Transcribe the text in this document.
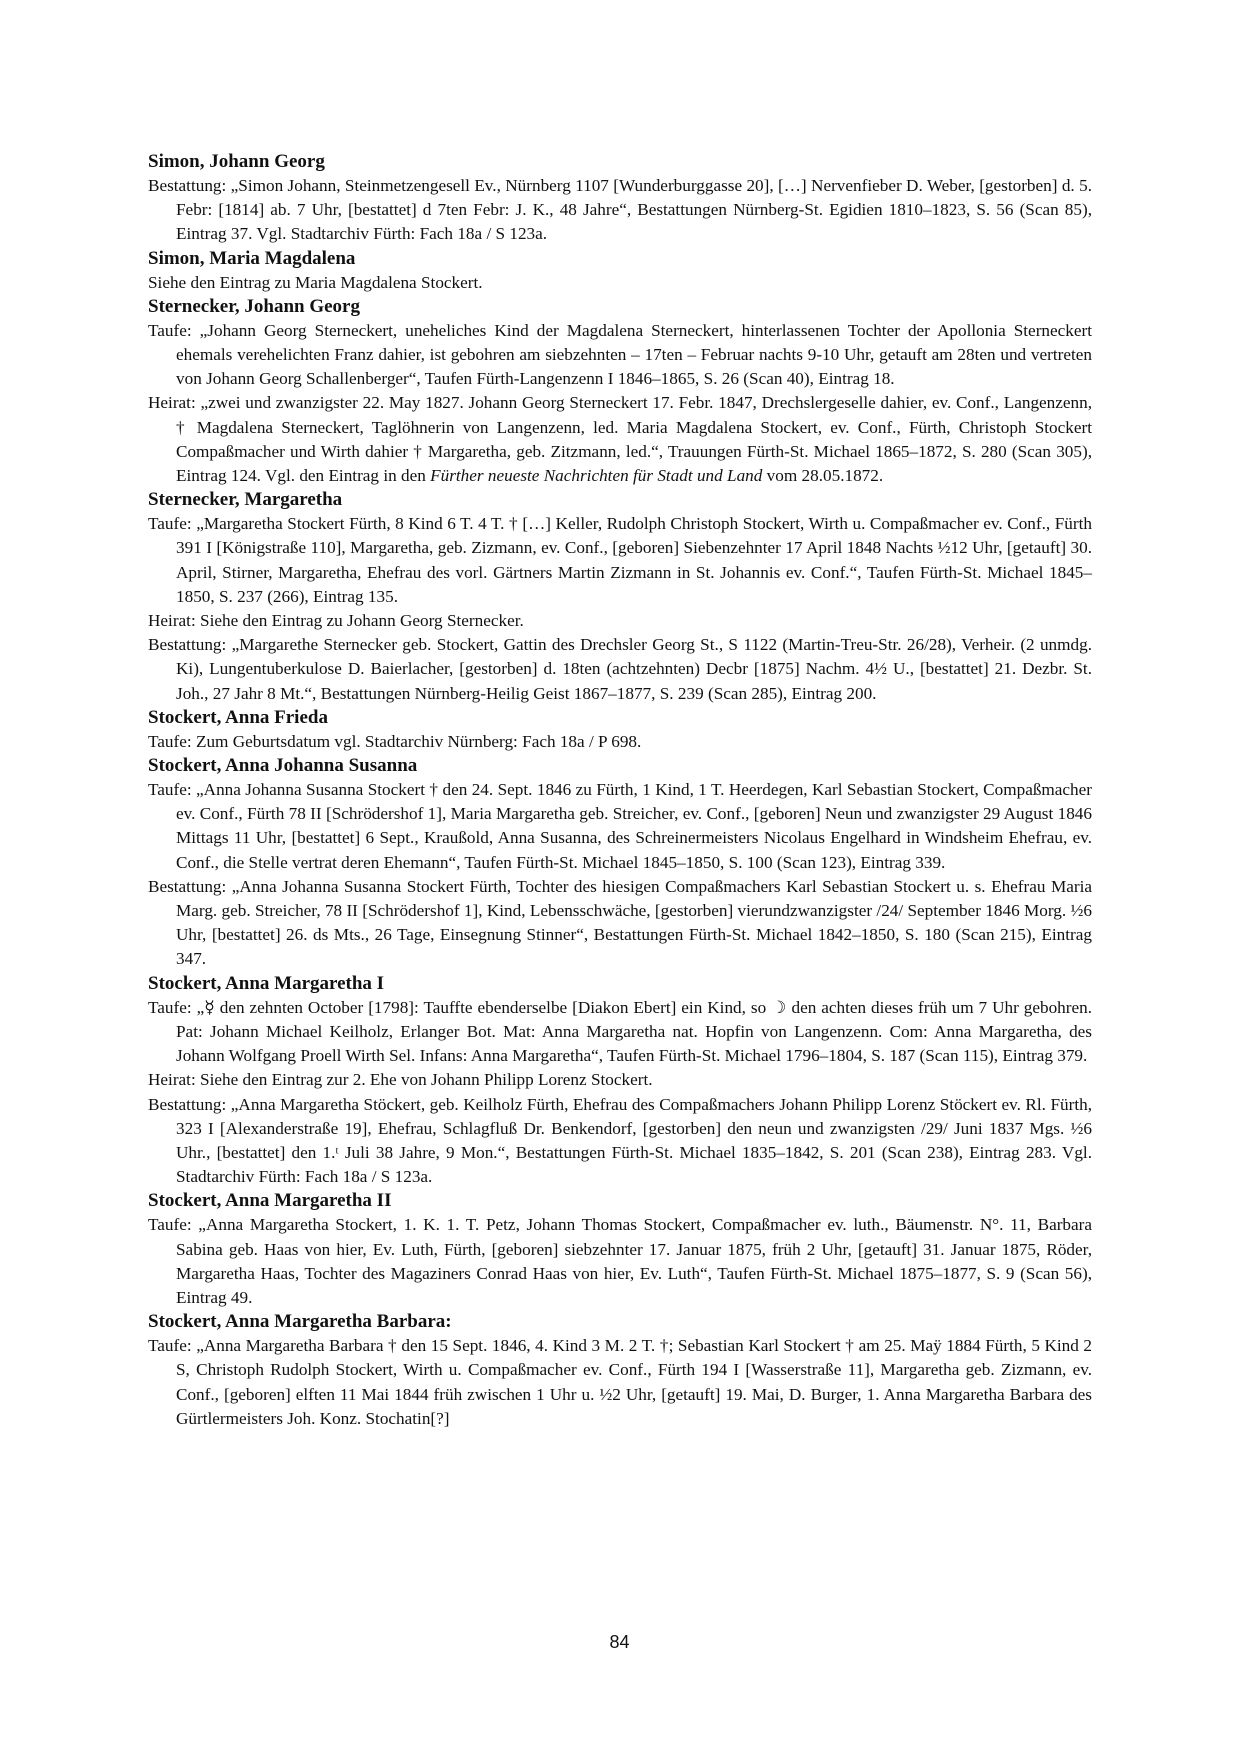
Simon, Johann Georg

Bestattung: „Simon Johann, Steinmetzengesell Ev., Nürnberg 1107 [Wunderburggasse 20], […] Nervenfieber D. Weber, [gestorben] d. 5. Febr: [1814] ab. 7 Uhr, [bestattet] d 7ten Febr: J. K., 48 Jahre“, Bestattungen Nürnberg-St. Egidien 1810–1823, S. 56 (Scan 85), Eintrag 37. Vgl. Stadtarchiv Fürth: Fach 18a / S 123a.

Simon, Maria Magdalena

Siehe den Eintrag zu Maria Magdalena Stockert.

Sternecker, Johann Georg

Taufe: „Johann Georg Sterneckert, uneheliches Kind der Magdalena Sterneckert, hinterlassenen Tochter der Apollonia Sterneckert ehemals verehelichten Franz dahier, ist gebohren am siebzehnten – 17ten – Februar nachts 9-10 Uhr, getauft am 28ten und vertreten von Johann Georg Schallenberger“, Taufen Fürth-Langenzenn I 1846–1865, S. 26 (Scan 40), Eintrag 18.

Heirat: „zwei und zwanzigster 22. May 1827. Johann Georg Sterneckert 17. Febr. 1847, Drechslergeselle dahier, ev. Conf., Langenzenn, † Magdalena Sterneckert, Taglöhnerin von Langenzenn, led. Maria Magdalena Stockert, ev. Conf., Fürth, Christoph Stockert Compaßmacher und Wirth dahier † Margaretha, geb. Zitzmann, led.“, Trauungen Fürth-St. Michael 1865–1872, S. 280 (Scan 305), Eintrag 124. Vgl. den Eintrag in den Fürther neueste Nachrichten für Stadt und Land vom 28.05.1872.

Sternecker, Margaretha

Taufe: „Margaretha Stockert Fürth, 8 Kind 6 T. 4 T. † […] Keller, Rudolph Christoph Stockert, Wirth u. Compaßmacher ev. Conf., Fürth 391 I [Königstraße 110], Margaretha, geb. Zizmann, ev. Conf., [geboren] Siebenzehnter 17 April 1848 Nachts ½12 Uhr, [getauft] 30. April, Stirner, Margaretha, Ehefrau des vorl. Gärtners Martin Zizmann in St. Johannis ev. Conf.“, Taufen Fürth-St. Michael 1845–1850, S. 237 (266), Eintrag 135.

Heirat: Siehe den Eintrag zu Johann Georg Sternecker.

Bestattung: „Margarethe Sternecker geb. Stockert, Gattin des Drechsler Georg St., S 1122 (Martin-Treu-Str. 26/28), Verheir. (2 unmdg. Ki), Lungentuberkulose D. Baierlacher, [gestorben] d. 18ten (achtzehnten) Decbr [1875] Nachm. 4½ U., [bestattet] 21. Dezbr. St. Joh., 27 Jahr 8 Mt.“, Bestattungen Nürnberg-Heilig Geist 1867–1877, S. 239 (Scan 285), Eintrag 200.

Stockert, Anna Frieda

Taufe: Zum Geburtsdatum vgl. Stadtarchiv Nürnberg: Fach 18a / P 698.

Stockert, Anna Johanna Susanna

Taufe: „Anna Johanna Susanna Stockert † den 24. Sept. 1846 zu Fürth, 1 Kind, 1 T. Heerdegen, Karl Sebastian Stockert, Compaßmacher ev. Conf., Fürth 78 II [Schrödershof 1], Maria Margaretha geb. Streicher, ev. Conf., [geboren] Neun und zwanzigster 29 August 1846 Mittags 11 Uhr, [bestattet] 6 Sept., Kraußold, Anna Susanna, des Schreinermeisters Nicolaus Engelhard in Windsheim Ehefrau, ev. Conf., die Stelle vertrat deren Ehemann“, Taufen Fürth-St. Michael 1845–1850, S. 100 (Scan 123), Eintrag 339.

Bestattung: „Anna Johanna Susanna Stockert Fürth, Tochter des hiesigen Compaßmachers Karl Sebastian Stockert u. s. Ehefrau Maria Marg. geb. Streicher, 78 II [Schrödershof 1], Kind, Lebensschwäche, [gestorben] vierundzwanzigster /24/ September 1846 Morg. ½6 Uhr, [bestattet] 26. ds Mts., 26 Tage, Einsegnung Stinner“, Bestattungen Fürth-St. Michael 1842–1850, S. 180 (Scan 215), Eintrag 347.

Stockert, Anna Margaretha I

Taufe: „☿ den zehnten October [1798]: Tauffte ebenderselbe [Diakon Ebert] ein Kind, so ☽ den achten dieses früh um 7 Uhr gebohren. Pat: Johann Michael Keilholz, Erlanger Bot. Mat: Anna Margaretha nat. Hopfin von Langenzenn. Com: Anna Margaretha, des Johann Wolfgang Proell Wirth Sel. Infans: Anna Margaretha“, Taufen Fürth-St. Michael 1796–1804, S. 187 (Scan 115), Eintrag 379.

Heirat: Siehe den Eintrag zur 2. Ehe von Johann Philipp Lorenz Stockert.

Bestattung: „Anna Margaretha Stöckert, geb. Keilholz Fürth, Ehefrau des Compaßmachers Johann Philipp Lorenz Stöckert ev. Rl. Fürth, 323 I [Alexanderstraße 19], Ehefrau, Schlagfluß Dr. Benkendorf, [gestorben] den neun und zwanzigsten /29/ Juni 1837 Mgs. ½6 Uhr., [bestattet] den 1.ᵗ Juli 38 Jahre, 9 Mon.“, Bestattungen Fürth-St. Michael 1835–1842, S. 201 (Scan 238), Eintrag 283. Vgl. Stadtarchiv Fürth: Fach 18a / S 123a.

Stockert, Anna Margaretha II

Taufe: „Anna Margaretha Stockert, 1. K. 1. T. Petz, Johann Thomas Stockert, Compaßmacher ev. luth., Bäumenstr. N°. 11, Barbara Sabina geb. Haas von hier, Ev. Luth, Fürth, [geboren] siebzehnter 17. Januar 1875, früh 2 Uhr, [getauft] 31. Januar 1875, Röder, Margaretha Haas, Tochter des Magaziners Conrad Haas von hier, Ev. Luth“, Taufen Fürth-St. Michael 1875–1877, S. 9 (Scan 56), Eintrag 49.

Stockert, Anna Margaretha Barbara:

Taufe: „Anna Margaretha Barbara † den 15 Sept. 1846, 4. Kind 3 M. 2 T. †; Sebastian Karl Stockert † am 25. Maÿ 1884 Fürth, 5 Kind 2 S, Christoph Rudolph Stockert, Wirth u. Compaßmacher ev. Conf., Fürth 194 I [Wasserstraße 11], Margaretha geb. Zizmann, ev. Conf., [geboren] elften 11 Mai 1844 früh zwischen 1 Uhr u. ½2 Uhr, [getauft] 19. Mai, D. Burger, 1. Anna Margaretha Barbara des Gürtlermeisters Joh. Konz. Stochatin[?]

84
